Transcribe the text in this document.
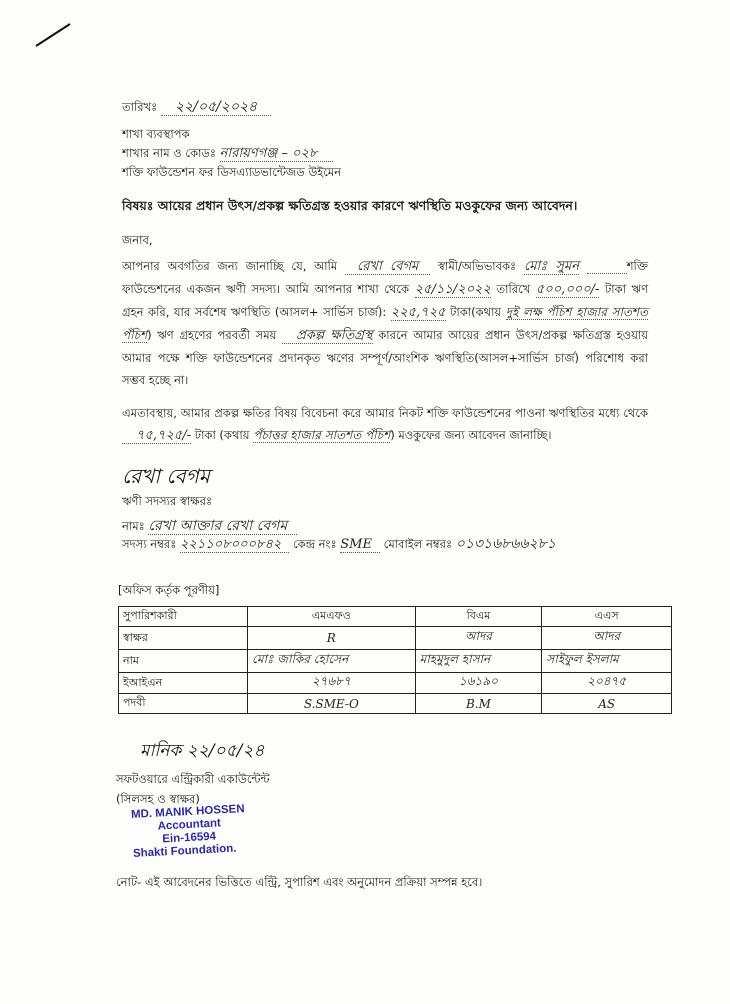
তারিখঃ ২২/০৫/২০২৪
শাখা ব্যবস্থাপক
শাখার নাম ও কোডঃ নারায়ণগঞ্জ – ০২৮
শক্তি ফাউন্ডেশন ফর ডিসএ্যাডভান্টেজড উইমেন
বিষয়ঃ আয়ের প্রধান উৎস/প্রকল্প ক্ষতিগ্রস্ত হওয়ার কারণে ঋণস্থিতি মওকুফের জন্য আবেদন।
জনাব,
আপনার অবগতির জন্য জানাচ্ছি যে, আমি রেখা বেগম স্বামী/অভিভাবকঃ মোঃ সুমন	শক্তি ফাউন্ডেশনের একজন ঋণী সদস্য। আমি আপনার শাখা থেকে ২৫/১১/২০২২ তারিখে ৫০০,০০০/- টাকা ঋণ গ্রহন করি, যার সর্বশেষ ঋণস্থিতি (আসল+ সার্ভিস চার্জ): ২২৫,৭২৫ টাকা(কথায় দুই লক্ষ পঁচিশ হাজার সাতশত পঁচিশ) ঋণ গ্রহণের পরবর্তী সময় প্রকল্প ক্ষতিগ্রস্থ কারনে আমার আয়ের প্রধান উৎস/প্রকল্প ক্ষতিগ্রস্ত হওয়ায় আমার পক্ষে শক্তি ফাউন্ডেশনের প্রদানকৃত ঋণের সম্পূর্ণ/আংশিক ঋণস্থিতি(আসল+সার্ভিস চার্জ) পরিশোধ করা সম্ভব হচ্ছে না।
এমতাবস্থায়, আমার প্রকল্প ক্ষতির বিষয় বিবেচনা করে আমার নিকট শক্তি ফাউন্ডেশনের পাওনা ঋণস্থিতির মধ্যে থেকে ৭৫,৭২৫/- টাকা (কথায় পঁচাত্তর হাজার সাতশত পঁচিশ) মওকুফের জন্য আবেদন জানাচ্ছি।
রেখা বেগম
ঋণী সদস্যর স্বাক্ষরঃ
নামঃ রেখা আক্তার রেখা বেগম
সদস্য নম্বরঃ ২২১১০৮০০০৮৪২ কেন্দ্র নংঃ SME মোবাইল নম্বরঃ ০১৩১৬৮৬৬২৮১
[অফিস কর্তৃক পূরণীয়]
সুপারিশকারী	এমএফও	বিএম	এএস
স্বাক্ষর	R	আদর	আদর
নাম	মোঃ জাকির হোসেন	মাহমুদুল হাসান	সাইফুল ইসলাম
ইআইএন	২৭৬৮৭	১৬১৯০	২০৪৭৫
পদবী	S.SME-O	B.M	AS
মানিক ২২/০৫/২৪
সফটওয়ারে এন্ট্রিকারী একাউন্টেন্ট
(সিলসহ ও স্বাক্ষর)
MD. MANIK HOSSEN
Accountant
Ein-16594
Shakti Foundation.
নোট- এই আবেদনের ভিত্তিতে এন্ট্রি, সুপারিশ এবং অনুমোদন প্রক্রিয়া সম্পন্ন হবে।
